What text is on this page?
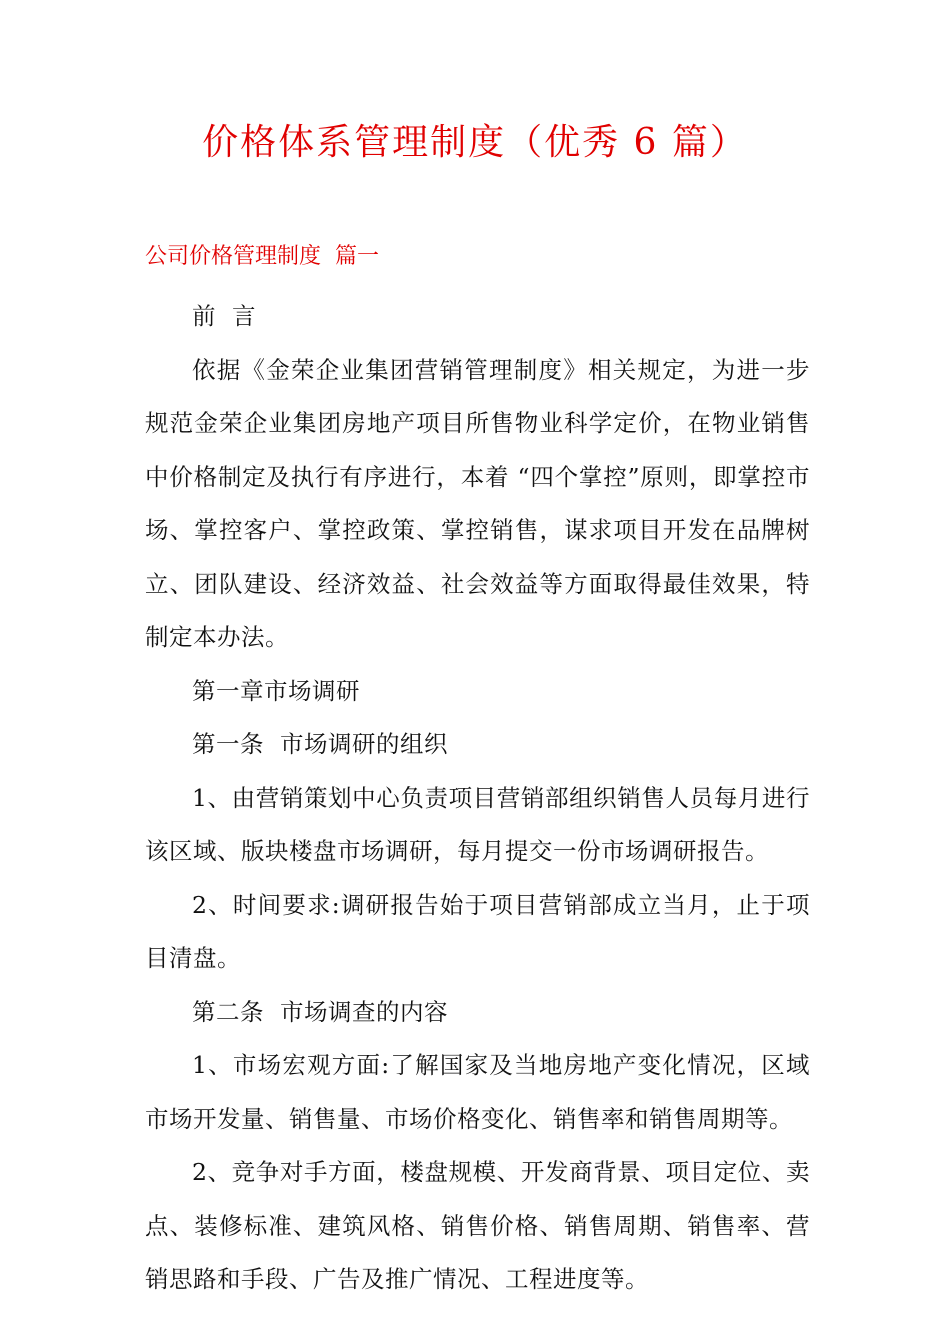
价格体系管理制度（优秀 6 篇）
公司价格管理制度  篇一

前  言

依据《金荣企业集团营销管理制度》相关规定，为进一步规范金荣企业集团房地产项目所售物业科学定价，在物业销售中价格制定及执行有序进行，本着 “四个掌控”原则，即掌控市场、掌控客户、掌控政策、掌控销售，谋求项目开发在品牌树立、团队建设、经济效益、社会效益等方面取得最佳效果，特制定本办法。

第一章市场调研

第一条  市场调研的组织

1、由营销策划中心负责项目营销部组织销售人员每月进行该区域、版块楼盘市场调研，每月提交一份市场调研报告。

2、时间要求:调研报告始于项目营销部成立当月，止于项目清盘。

第二条  市场调查的内容

1、市场宏观方面:了解国家及当地房地产变化情况，区域市场开发量、销售量、市场价格变化、销售率和销售周期等。

2、竞争对手方面，楼盘规模、开发商背景、项目定位、卖点、装修标准、建筑风格、销售价格、销售周期、销售率、营销思路和手段、广告及推广情况、工程进度等。
